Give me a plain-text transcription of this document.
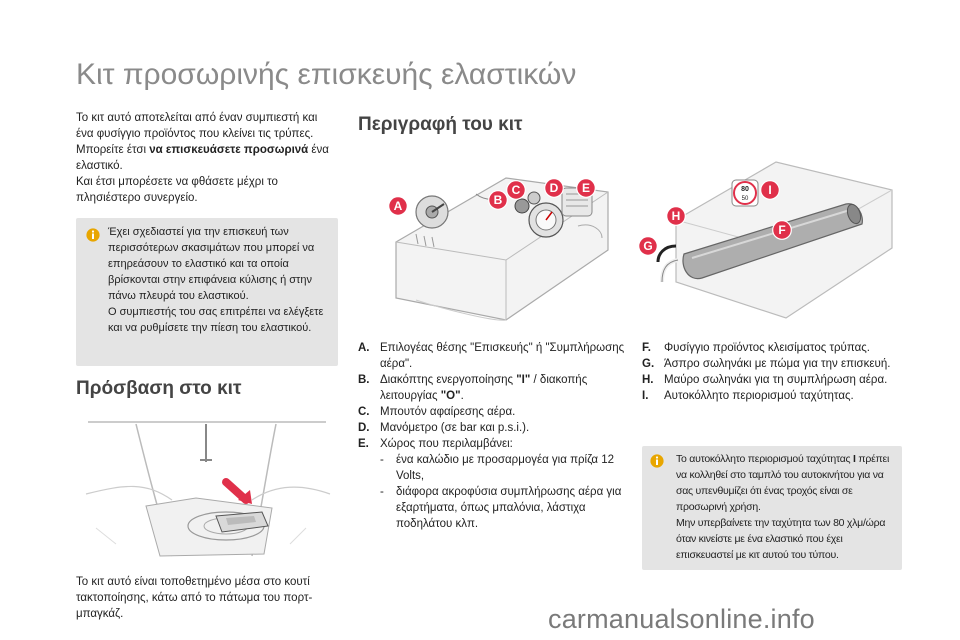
Κιτ προσωρινής επισκευής ελαστικών
Το κιτ αυτό αποτελείται από έναν συμπιεστή και ένα φυσίγγιο προϊόντος που κλείνει τις τρύπες. Μπορείτε έτσι να επισκευάσετε προσωρινά ένα ελαστικό.
Και έτσι μπορέσετε να φθάσετε μέχρι το πλησιέστερο συνεργείο.
Έχει σχεδιαστεί για την επισκευή των περισσότερων σκασιμάτων που μπορεί να επηρεάσουν το ελαστικό και τα οποία βρίσκονται στην επιφάνεια κύλισης ή στην πάνω πλευρά του ελαστικού.
Ο συμπιεστής του σας επιτρέπει να ελέγξετε και να ρυθμίσετε την πίεση του ελαστικού.
Πρόσβαση στο κιτ
Το κιτ αυτό είναι τοποθετημένο μέσα στο κουτί τακτοποίησης, κάτω από το πάτωμα του πορτ-μπαγκάζ.
Περιγραφή του κιτ
A	B
C D E	80
50
I
F
H
G
A. Επιλογέας θέσης "Επισκευής" ή "Συμπλήρωσης αέρα".
B. Διακόπτης ενεργοποίησης "I" / διακοπής λειτουργίας "O".
C. Μπουτόν αφαίρεσης αέρα.
D. Μανόμετρο (σε bar και p.s.i.).
E. Χώρος που περιλαμβάνει:
-	ένα καλώδιο με προσαρμογέα για πρίζα 12 Volts,
-	διάφορα ακροφύσια συμπλήρωσης αέρα για εξαρτήματα, όπως μπαλόνια, λάστιχα ποδηλάτου κλπ.
F.	Φυσίγγιο προϊόντος κλεισίματος τρύπας.
G. Άσπρο σωληνάκι με πώμα για την επισκευή.
H. Μαύρο σωληνάκι για τη συμπλήρωση αέρα.
I.	Αυτοκόλλητο περιορισμού ταχύτητας.
Το αυτοκόλλητο περιορισμού ταχύτητας I πρέπει να κολληθεί στο ταμπλό του αυτοκινήτου για να σας υπενθυμίζει ότι ένας τροχός είναι σε προσωρινή χρήση.
Μην υπερβαίνετε την ταχύτητα των 80 χλμ/ώρα όταν κινείστε με ένα ελαστικό που έχει επισκευαστεί με κιτ αυτού του τύπου.
carmanualsonline.info
